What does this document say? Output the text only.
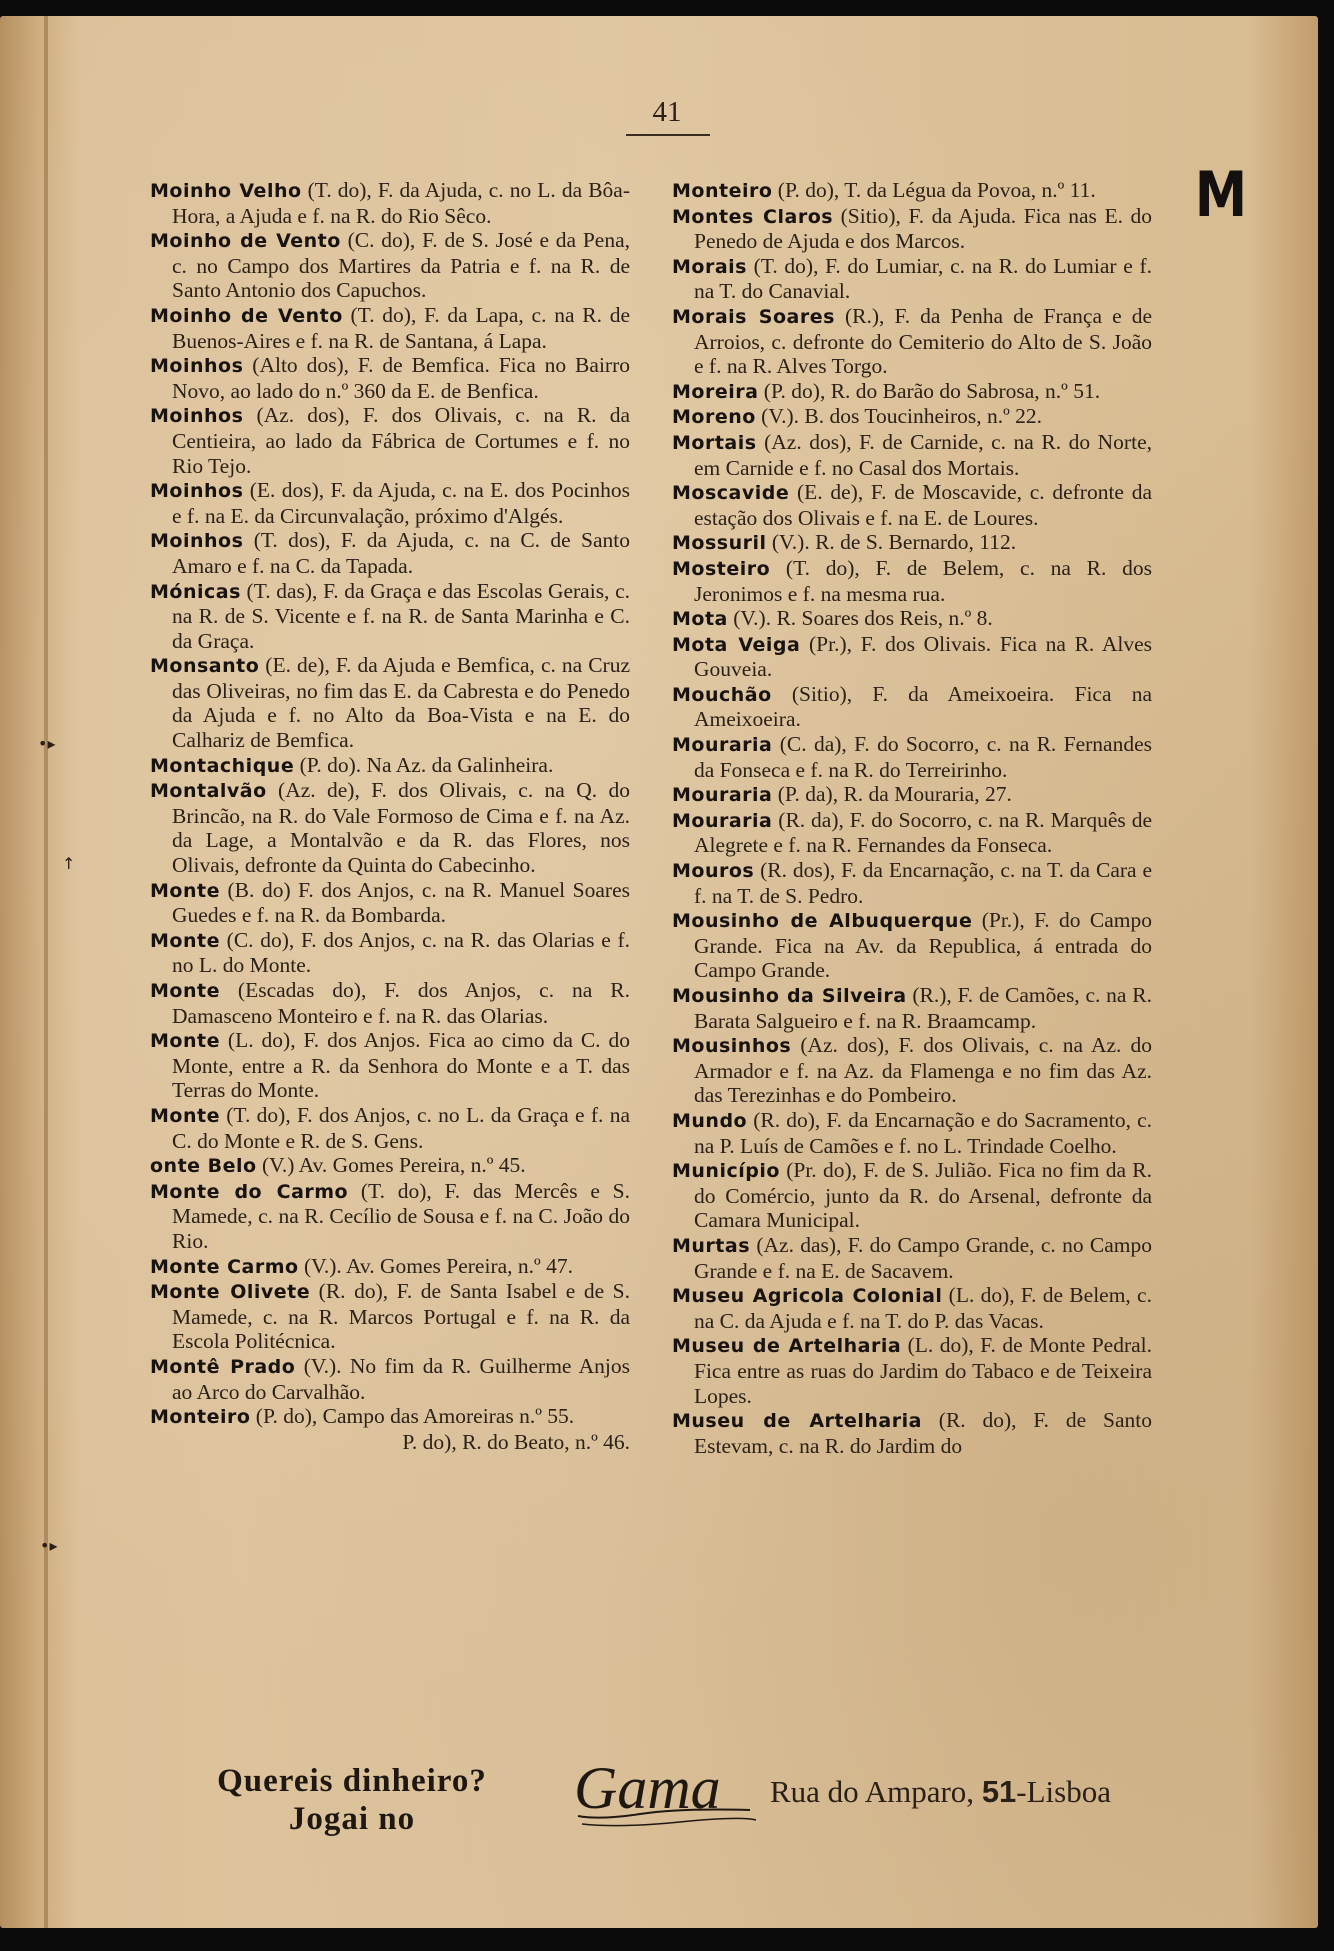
41
M
•▸
↑
•▸

Moinho Velho (T. do), F. da Ajuda, c. no L. da Bôa-Hora, a Ajuda e f. na R. do Rio Sêco.

Moinho de Vento (C. do), F. de S. José e da Pena, c. no Campo dos Martires da Patria e f. na R. de Santo Antonio dos Capuchos.

Moinho de Vento (T. do), F. da Lapa, c. na R. de Buenos-Aires e f. na R. de Santana, á Lapa.

Moinhos (Alto dos), F. de Bemfica. Fica no Bairro Novo, ao lado do n.º 360 da E. de Benfica.

Moinhos (Az. dos), F. dos Olivais, c. na R. da Centieira, ao lado da Fábrica de Cortumes e f. no Rio Tejo.

Moinhos (E. dos), F. da Ajuda, c. na E. dos Pocinhos e f. na E. da Circunvalação, próximo d'Algés.

Moinhos (T. dos), F. da Ajuda, c. na C. de Santo Amaro e f. na C. da Tapada.

Mónicas (T. das), F. da Graça e das Escolas Gerais, c. na R. de S. Vicente e f. na R. de Santa Marinha e C. da Graça.

Monsanto (E. de), F. da Ajuda e Bemfica, c. na Cruz das Oliveiras, no fim das E. da Cabresta e do Penedo da Ajuda e f. no Alto da Boa-Vista e na E. do Calhariz de Bemfica.

Montachique (P. do). Na Az. da Galinheira.

Montalvão (Az. de), F. dos Olivais, c. na Q. do Brincão, na R. do Vale Formoso de Cima e f. na Az. da Lage, a Montalvão e da R. das Flores, nos Olivais, defronte da Quinta do Cabecinho.

Monte (B. do) F. dos Anjos, c. na R. Manuel Soares Guedes e f. na R. da Bombarda.

Monte (C. do), F. dos Anjos, c. na R. das Olarias e f. no L. do Monte.

Monte (Escadas do), F. dos Anjos, c. na R. Damasceno Monteiro e f. na R. das Olarias.

Monte (L. do), F. dos Anjos. Fica ao cimo da C. do Monte, entre a R. da Senhora do Monte e a T. das Terras do Monte.

Monte (T. do), F. dos Anjos, c. no L. da Graça e f. na C. do Monte e R. de S. Gens.

onte Belo (V.) Av. Gomes Pereira, n.º 45.

Monte do Carmo (T. do), F. das Mercês e S. Mamede, c. na R. Cecílio de Sousa e f. na C. João do Rio.

Monte Carmo (V.). Av. Gomes Pereira, n.º 47.

Monte Olivete (R. do), F. de Santa Isabel e de S. Mamede, c. na R. Marcos Portugal e f. na R. da Escola Politécnica.

Montê Prado (V.). No fim da R. Guilherme Anjos ao Arco do Carvalhão.

Monteiro (P. do), Campo das Amoreiras n.º 55.

P. do), R. do Beato, n.º 46.

Monteiro (P. do), T. da Légua da Povoa, n.º 11.

Montes Claros (Sitio), F. da Ajuda. Fica nas E. do Penedo de Ajuda e dos Marcos.

Morais (T. do), F. do Lumiar, c. na R. do Lumiar e f. na T. do Canavial.

Morais Soares (R.), F. da Penha de França e de Arroios, c. defronte do Cemiterio do Alto de S. João e f. na R. Alves Torgo.

Moreira (P. do), R. do Barão do Sabrosa, n.º 51.

Moreno (V.). B. dos Toucinheiros, n.º 22.

Mortais (Az. dos), F. de Carnide, c. na R. do Norte, em Carnide e f. no Casal dos Mortais.

Moscavide (E. de), F. de Moscavide, c. defronte da estação dos Olivais e f. na E. de Loures.

Mossuril (V.). R. de S. Bernardo, 112.

Mosteiro (T. do), F. de Belem, c. na R. dos Jeronimos e f. na mesma rua.

Mota (V.). R. Soares dos Reis, n.º 8.

Mota Veiga (Pr.), F. dos Olivais. Fica na R. Alves Gouveia.

Mouchão (Sitio), F. da Ameixoeira. Fica na Ameixoeira.

Mouraria (C. da), F. do Socorro, c. na R. Fernandes da Fonseca e f. na R. do Terreirinho.

Mouraria (P. da), R. da Mouraria, 27.

Mouraria (R. da), F. do Socorro, c. na R. Marquês de Alegrete e f. na R. Fernandes da Fonseca.

Mouros (R. dos), F. da Encarnação, c. na T. da Cara e f. na T. de S. Pedro.

Mousinho de Albuquerque (Pr.), F. do Campo Grande. Fica na Av. da Republica, á entrada do Campo Grande.

Mousinho da Silveira (R.), F. de Camões, c. na R. Barata Salgueiro e f. na R. Braamcamp.

Mousinhos (Az. dos), F. dos Olivais, c. na Az. do Armador e f. na Az. da Flamenga e no fim das Az. das Terezinhas e do Pombeiro.

Mundo (R. do), F. da Encarnação e do Sacramento, c. na P. Luís de Camões e f. no L. Trindade Coelho.

Município (Pr. do), F. de S. Julião. Fica no fim da R. do Comércio, junto da R. do Arsenal, defronte da Camara Municipal.

Murtas (Az. das), F. do Campo Grande, c. no Campo Grande e f. na E. de Sacavem.

Museu Agricola Colonial (L. do), F. de Belem, c. na C. da Ajuda e f. na T. do P. das Vacas.

Museu de Artelharia (L. do), F. de Monte Pedral. Fica entre as ruas do Jardim do Tabaco e de Teixeira Lopes.

Museu de Artelharia (R. do), F. de Santo Estevam, c. na R. do Jardim do

Quereis dinheiro?
Jogai no	Gama Rua do Amparo, 51-Lisboa
